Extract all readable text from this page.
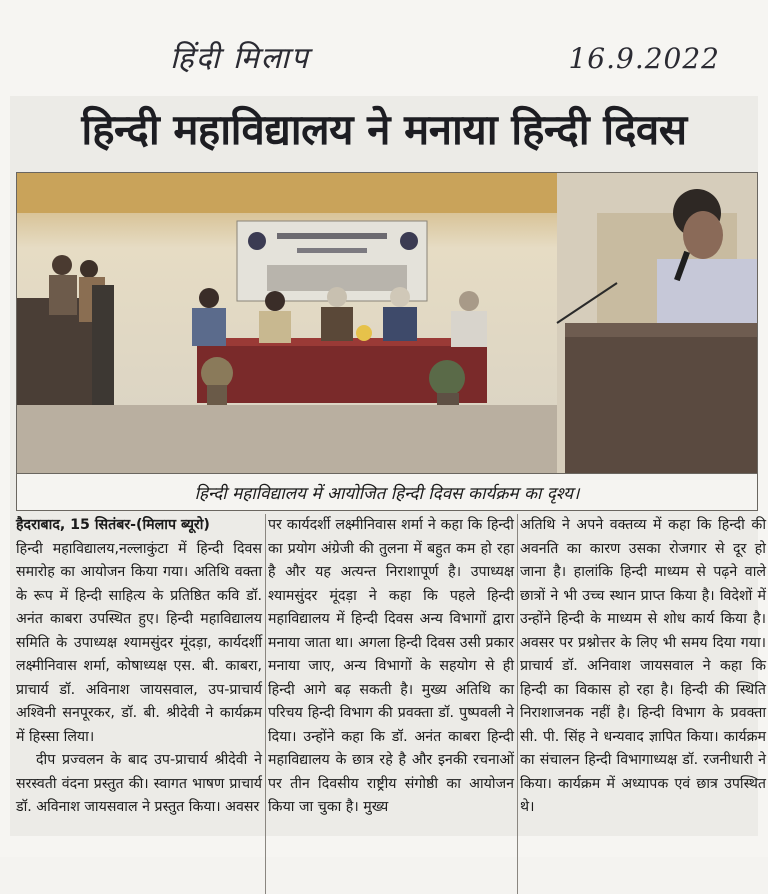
हिंदी मिलाप	16.9.2022
हिन्दी महाविद्यालय ने मनाया हिन्दी दिवस
हिन्दी महाविद्यालय में आयोजित हिन्दी दिवस कार्यक्रम का दृश्य।

हैदराबाद, 15 सितंबर-(मिलाप ब्यूरो)

हिन्दी महाविद्यालय,नल्लाकुंटा में हिन्दी दिवस समारोह का आयोजन किया गया। अतिथि वक्ता के रूप में हिन्दी साहित्य के प्रतिष्ठित कवि डॉ. अनंत काबरा उपस्थित हुए। हिन्दी महाविद्यालय समिति के उपाध्यक्ष श्यामसुंदर मूंदड़ा, कार्यदर्शी लक्ष्मीनिवास शर्मा, कोषाध्यक्ष एस. बी. काबरा, प्राचार्य डॉ. अविनाश जायसवाल, उप-प्राचार्य अश्विनी सनपूरकर, डॉ. बी. श्रीदेवी ने कार्यक्रम में हिस्सा लिया।

दीप प्रज्वलन के बाद उप-प्राचार्य श्रीदेवी ने सरस्वती वंदना प्रस्तुत की। स्वागत भाषण प्राचार्य डॉ. अविनाश जायसवाल ने प्रस्तुत किया। अवसर

पर कार्यदर्शी लक्ष्मीनिवास शर्मा ने कहा कि हिन्दी का प्रयोग अंग्रेजी की तुलना में बहुत कम हो रहा है और यह अत्यन्त निराशापूर्ण है। उपाध्यक्ष श्यामसुंदर मूंदड़ा ने कहा कि पहले हिन्दी महाविद्यालय में हिन्दी दिवस अन्य विभागों द्वारा मनाया जाता था। अगला हिन्दी दिवस उसी प्रकार मनाया जाए, अन्य विभागों के सहयोग से ही हिन्दी आगे बढ़ सकती है। मुख्य अतिथि का परिचय हिन्दी विभाग की प्रवक्ता डॉ. पुष्पवली ने दिया। उन्होंने कहा कि डॉ. अनंत काबरा हिन्दी महाविद्यालय के छात्र रहे है और इनकी रचनाओं पर तीन दिवसीय राष्ट्रीय संगोष्ठी का आयोजन किया जा चुका है। मुख्य

अतिथि ने अपने वक्तव्य में कहा कि हिन्दी की अवनति का कारण उसका रोजगार से दूर हो जाना है। हालांकि हिन्दी माध्यम से पढ़ने वाले छात्रों ने भी उच्च स्थान प्राप्त किया है। विदेशों में उन्होंने हिन्दी के माध्यम से शोध कार्य किया है। अवसर पर प्रश्नोत्तर के लिए भी समय दिया गया। प्राचार्य डॉ. अनिवाश जायसवाल ने कहा कि हिन्दी का विकास हो रहा है। हिन्दी की स्थिति निराशाजनक नहीं है। हिन्दी विभाग के प्रवक्ता सी. पी. सिंह ने धन्यवाद ज्ञापित किया। कार्यक्रम का संचालन हिन्दी विभागाध्यक्ष डॉ. रजनीधारी ने किया। कार्यक्रम में अध्यापक एवं छात्र उपस्थित थे।
